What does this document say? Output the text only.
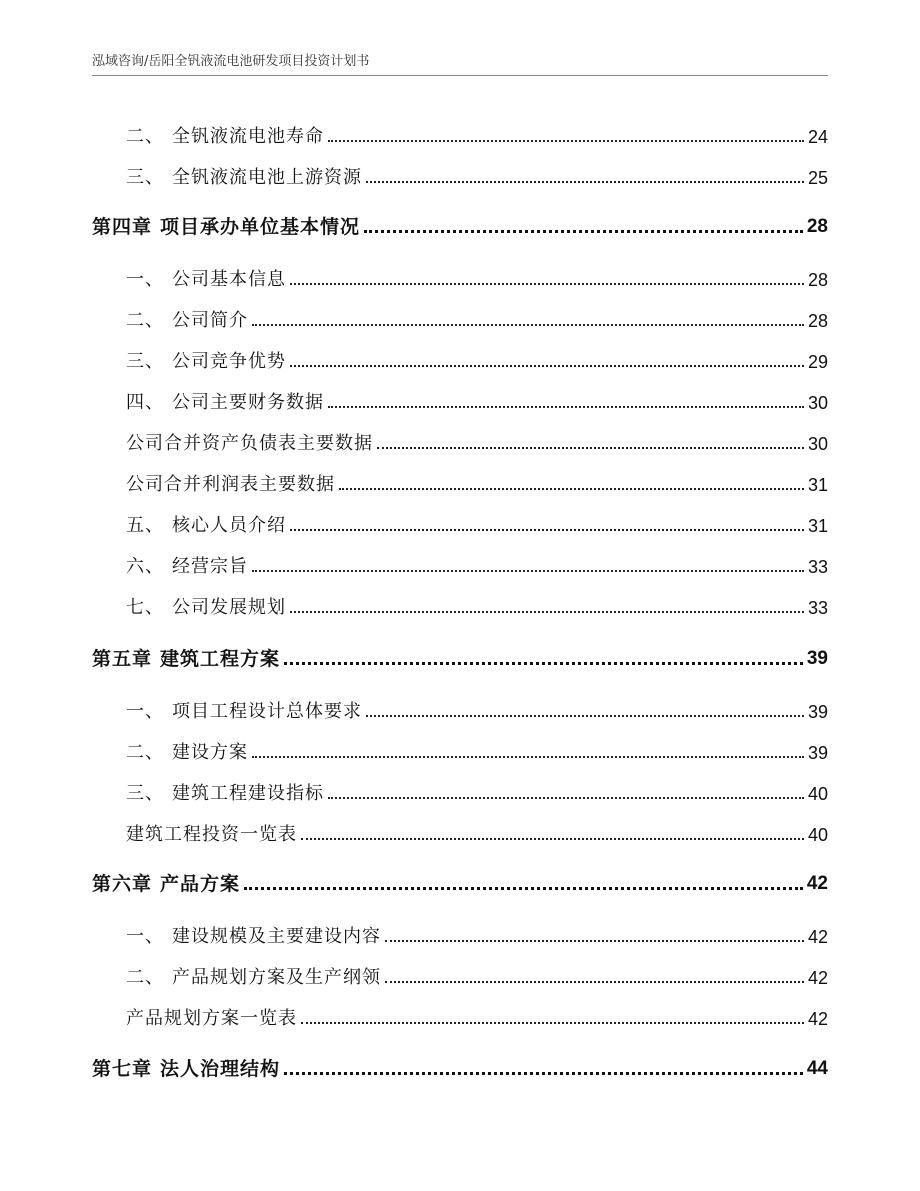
泓域咨询/岳阳全钒液流电池研发项目投资计划书
二、 全钒液流电池寿命	24
三、 全钒液流电池上游资源	25
第四章 项目承办单位基本情况	28
一、 公司基本信息	28
二、 公司简介	28
三、 公司竞争优势	29
四、 公司主要财务数据	30
公司合并资产负债表主要数据	30
公司合并利润表主要数据	31
五、 核心人员介绍	31
六、 经营宗旨	33
七、 公司发展规划	33
第五章 建筑工程方案	39
一、 项目工程设计总体要求	39
二、 建设方案	39
三、 建筑工程建设指标	40
建筑工程投资一览表	40
第六章 产品方案	42
一、 建设规模及主要建设内容	42
二、 产品规划方案及生产纲领	42
产品规划方案一览表	42
第七章 法人治理结构	44
